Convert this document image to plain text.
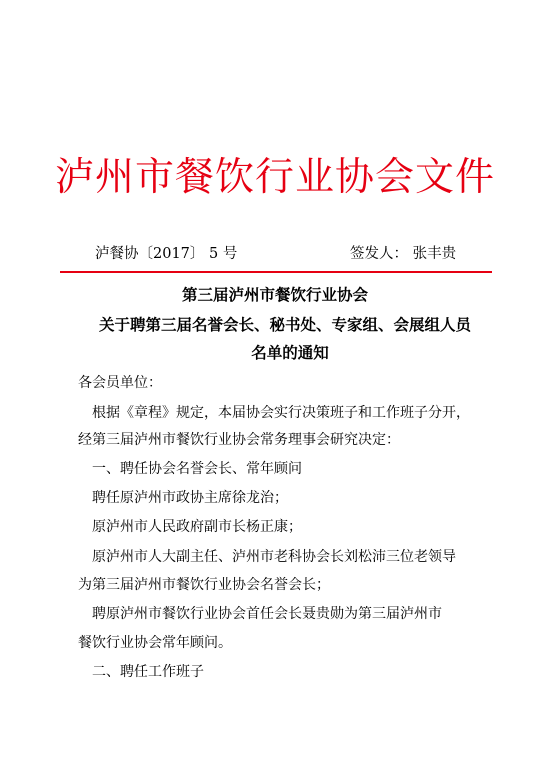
泸州市餐饮行业协会文件
泸餐协〔2017〕 5 号	签发人： 张丰贵
第三届泸州市餐饮行业协会
关于聘第三届名誉会长、秘书处、专家组、会展组人员
名单的通知
各会员单位：
根据《章程》规定，本届协会实行决策班子和工作班子分开，
经第三届泸州市餐饮行业协会常务理事会研究决定：
一、聘任协会名誉会长、常年顾问
聘任原泸州市政协主席徐龙治；
原泸州市人民政府副市长杨正康；
原泸州市人大副主任、泸州市老科协会长刘松沛三位老领导
为第三届泸州市餐饮行业协会名誉会长；
聘原泸州市餐饮行业协会首任会长聂贵勋为第三届泸州市
餐饮行业协会常年顾问。
二、聘任工作班子
